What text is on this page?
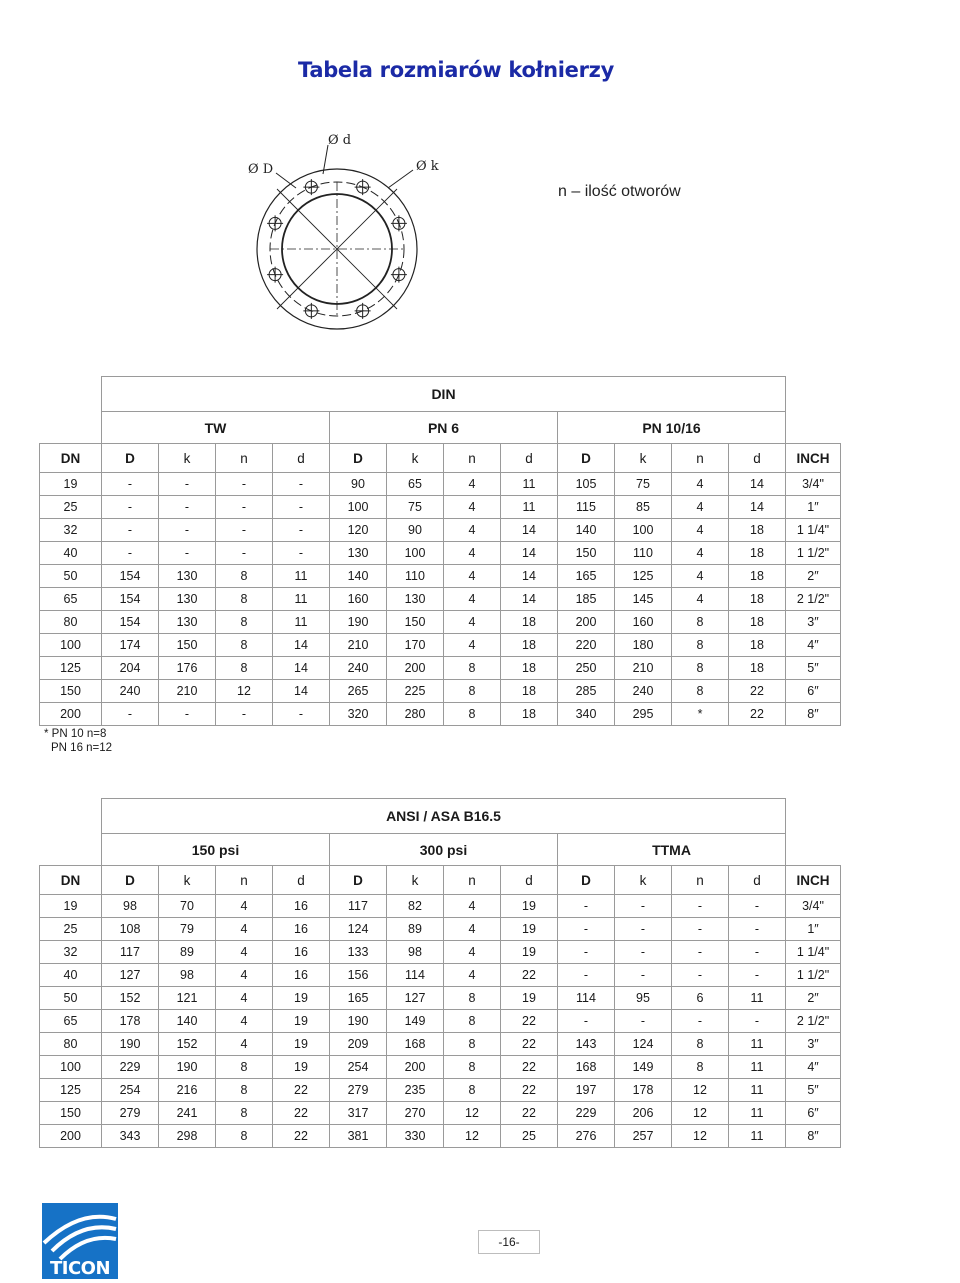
Tabela rozmiarów kołnierzy
Ø D
Ø d
Ø k
n – ilość otworów
	DIN												
	TW				PN 6				PN 10/16				
DN	D	k	n	d	D	k	n	d	D	k	n	d	INCH
19	-	-	-	-	90	65	4	11	105	75	4	14	3/4"
25	-	-	-	-	100	75	4	11	115	85	4	14	1″
32	-	-	-	-	120	90	4	14	140	100	4	18	1 1/4"
40	-	-	-	-	130	100	4	14	150	110	4	18	1 1/2"
50	154	130	8	11	140	110	4	14	165	125	4	18	2″
65	154	130	8	11	160	130	4	14	185	145	4	18	2 1/2"
80	154	130	8	11	190	150	4	18	200	160	8	18	3″
100	174	150	8	14	210	170	4	18	220	180	8	18	4″
125	204	176	8	14	240	200	8	18	250	210	8	18	5″
150	240	210	12	14	265	225	8	18	285	240	8	22	6″
200	-	-	-	-	320	280	8	18	340	295	*	22	8″
* PN 10 n=8
PN 16 n=12
	ANSI / ASA B16.5												
	150 psi				300 psi				TTMA				
DN	D	k	n	d	D	k	n	d	D	k	n	d	INCH
19	98	70	4	16	117	82	4	19	-	-	-	-	3/4"
25	108	79	4	16	124	89	4	19	-	-	-	-	1″
32	117	89	4	16	133	98	4	19	-	-	-	-	1 1/4"
40	127	98	4	16	156	114	4	22	-	-	-	-	1 1/2"
50	152	121	4	19	165	127	8	19	114	95	6	11	2″
65	178	140	4	19	190	149	8	22	-	-	-	-	2 1/2"
80	190	152	4	19	209	168	8	22	143	124	8	11	3″
100	229	190	8	19	254	200	8	22	168	149	8	11	4″
125	254	216	8	22	279	235	8	22	197	178	12	11	5″
150	279	241	8	22	317	270	12	22	229	206	12	11	6″
200	343	298	8	22	381	330	12	25	276	257	12	11	8″
TICON
-16-
